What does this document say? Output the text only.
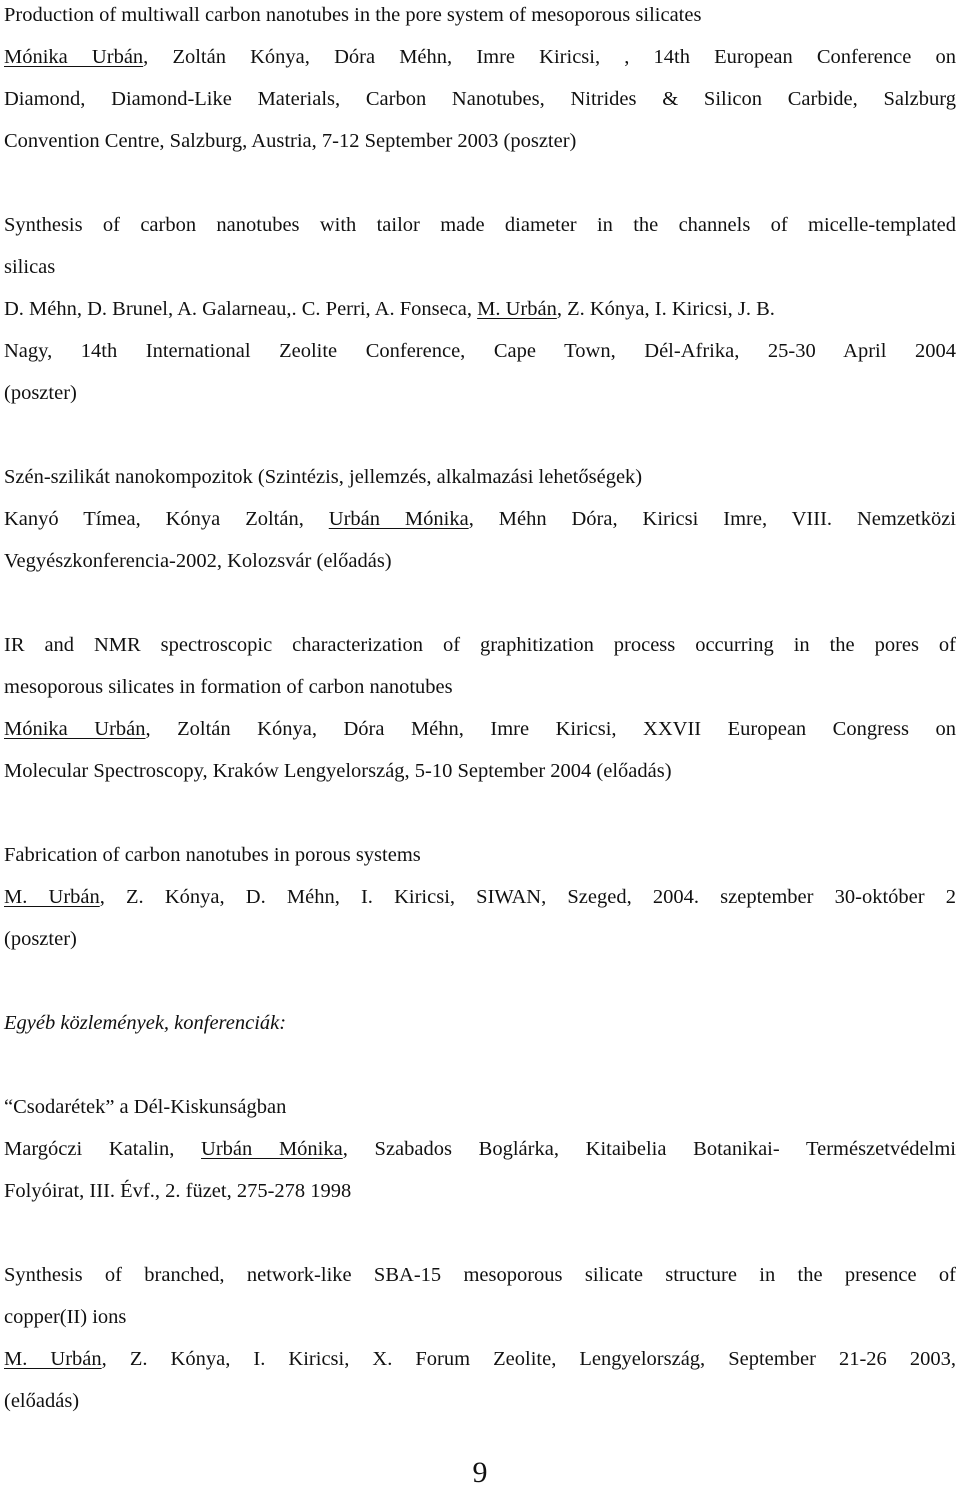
Production of multiwall carbon nanotubes in the pore system of mesoporous silicates
Mónika Urbán, Zoltán Kónya, Dóra Méhn, Imre Kiricsi, , 14th European Conference on
Diamond, Diamond-Like Materials, Carbon Nanotubes, Nitrides & Silicon Carbide, Salzburg
Convention Centre, Salzburg, Austria, 7-12 September 2003 (poszter)
Synthesis of carbon nanotubes with tailor made diameter in the channels of micelle-templated
silicas
D. Méhn, D. Brunel, A. Galarneau,. C. Perri, A. Fonseca, M. Urbán, Z. Kónya, I. Kiricsi, J. B.
Nagy, 14th International Zeolite Conference, Cape Town, Dél-Afrika, 25-30 April 2004
(poszter)
Szén-szilikát nanokompozitok (Szintézis, jellemzés, alkalmazási lehetőségek)
Kanyó Tímea, Kónya Zoltán, Urbán Mónika, Méhn Dóra, Kiricsi Imre, VIII. Nemzetközi
Vegyészkonferencia-2002, Kolozsvár (előadás)
IR and NMR spectroscopic characterization of graphitization process occurring in the pores of
mesoporous silicates in formation of carbon nanotubes
Mónika Urbán, Zoltán Kónya, Dóra Méhn, Imre Kiricsi, XXVII European Congress on
Molecular Spectroscopy, Kraków Lengyelország, 5-10 September 2004 (előadás)
Fabrication of carbon nanotubes in porous systems
M. Urbán, Z. Kónya, D. Méhn, I. Kiricsi, SIWAN, Szeged, 2004. szeptember 30-október 2
(poszter)
Egyéb közlemények, konferenciák:
“Csodarétek” a Dél-Kiskunságban
Margóczi Katalin, Urbán Mónika, Szabados Boglárka, Kitaibelia Botanikai- Természetvédelmi
Folyóirat, III. Évf., 2. füzet, 275-278 1998
Synthesis of branched, network-like SBA-15 mesoporous silicate structure in the presence of
copper(II) ions
M. Urbán, Z. Kónya, I. Kiricsi, X. Forum Zeolite, Lengyelország, September 21-26 2003,
(előadás)
9
